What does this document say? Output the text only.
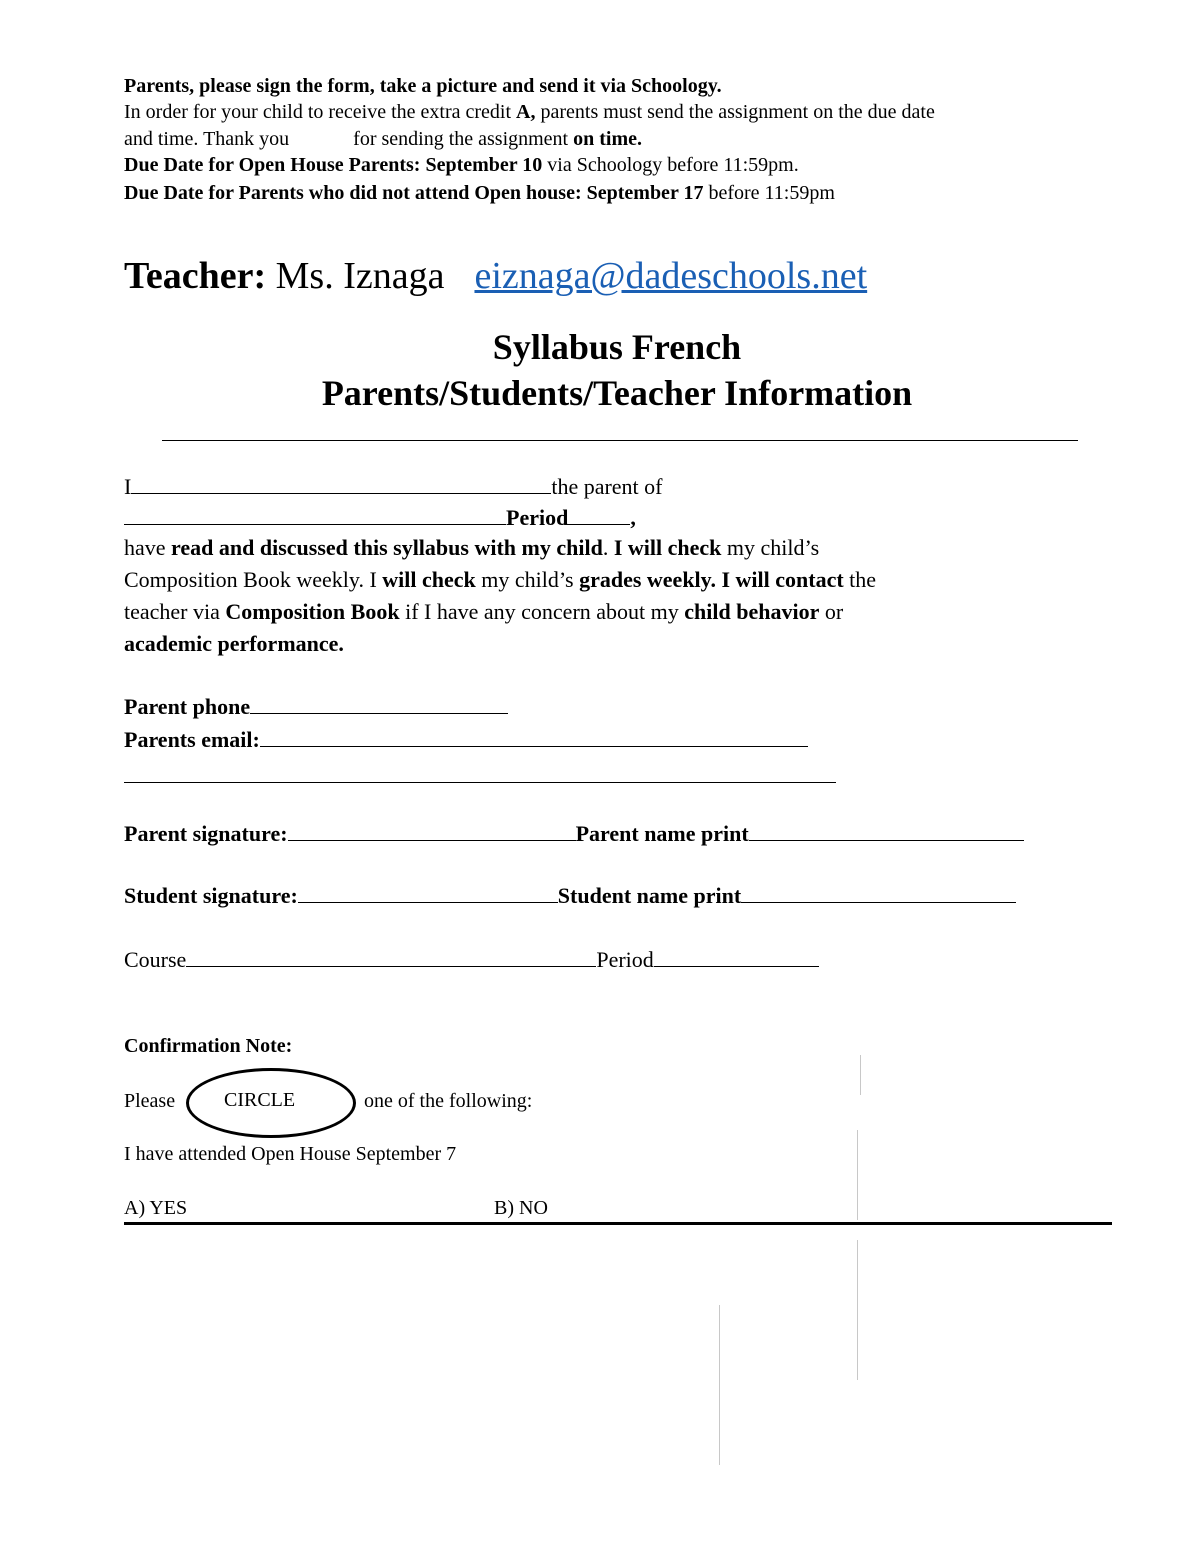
Parents, please sign the form, take a picture and send it via Schoology.
In order for your child to receive the extra credit A, parents must send the assignment on the due date
and time. Thank you	for sending the assignment on time.
Due Date for Open House Parents: September 10 via Schoology before 11:59pm.
Due Date for Parents who did not attend Open house: September 17 before 11:59pm
Teacher: Ms. Iznaga eiznaga@dadeschools.net
Syllabus French
Parents/Students/Teacher Information
I	the parent of
Period	,
have read and discussed this syllabus with my child. I will check my child’s
Composition Book weekly. I will check my child’s grades weekly. I will contact the
teacher via Composition Book if I have any concern about my child behavior or
academic performance.
Parent phone
Parents email:
Parent signature:	Parent name print
Student signature:	Student name print
Course	Period
Confirmation Note:
Please CIRCLE	one of the following:
I have attended Open House September 7
A) YES	B) NO
